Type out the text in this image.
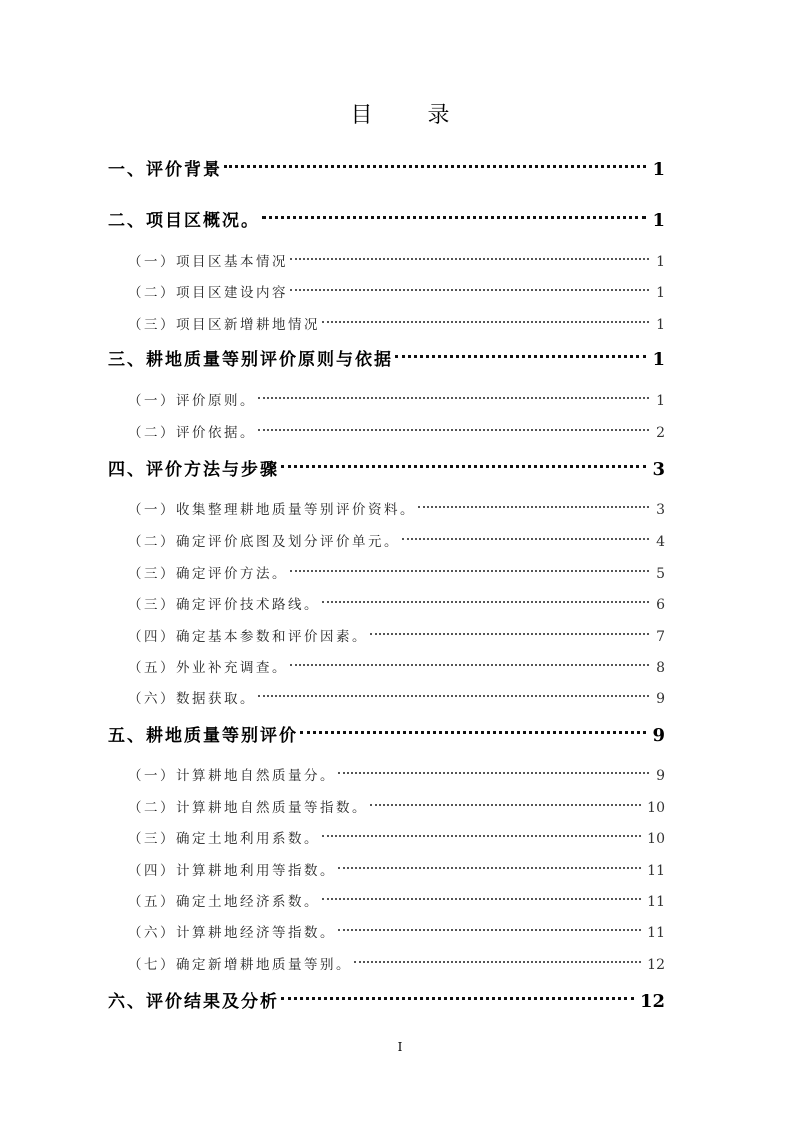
目 录
一、评价背景	1
二、项目区概况。	1
（一）项目区基本情况	1
（二）项目区建设内容	1
（三）项目区新增耕地情况	1
三、耕地质量等别评价原则与依据	1
（一）评价原则。	1
（二）评价依据。	2
四、评价方法与步骤	3
（一）收集整理耕地质量等别评价资料。	3
（二）确定评价底图及划分评价单元。	4
（三）确定评价方法。	5
（三）确定评价技术路线。	6
（四）确定基本参数和评价因素。	7
（五）外业补充调查。	8
（六）数据获取。	9
五、耕地质量等别评价	9
（一）计算耕地自然质量分。	9
（二）计算耕地自然质量等指数。	10
（三）确定土地利用系数。	10
（四）计算耕地利用等指数。	11
（五）确定土地经济系数。	11
（六）计算耕地经济等指数。	11
（七）确定新增耕地质量等别。	12
六、评价结果及分析	12
I
